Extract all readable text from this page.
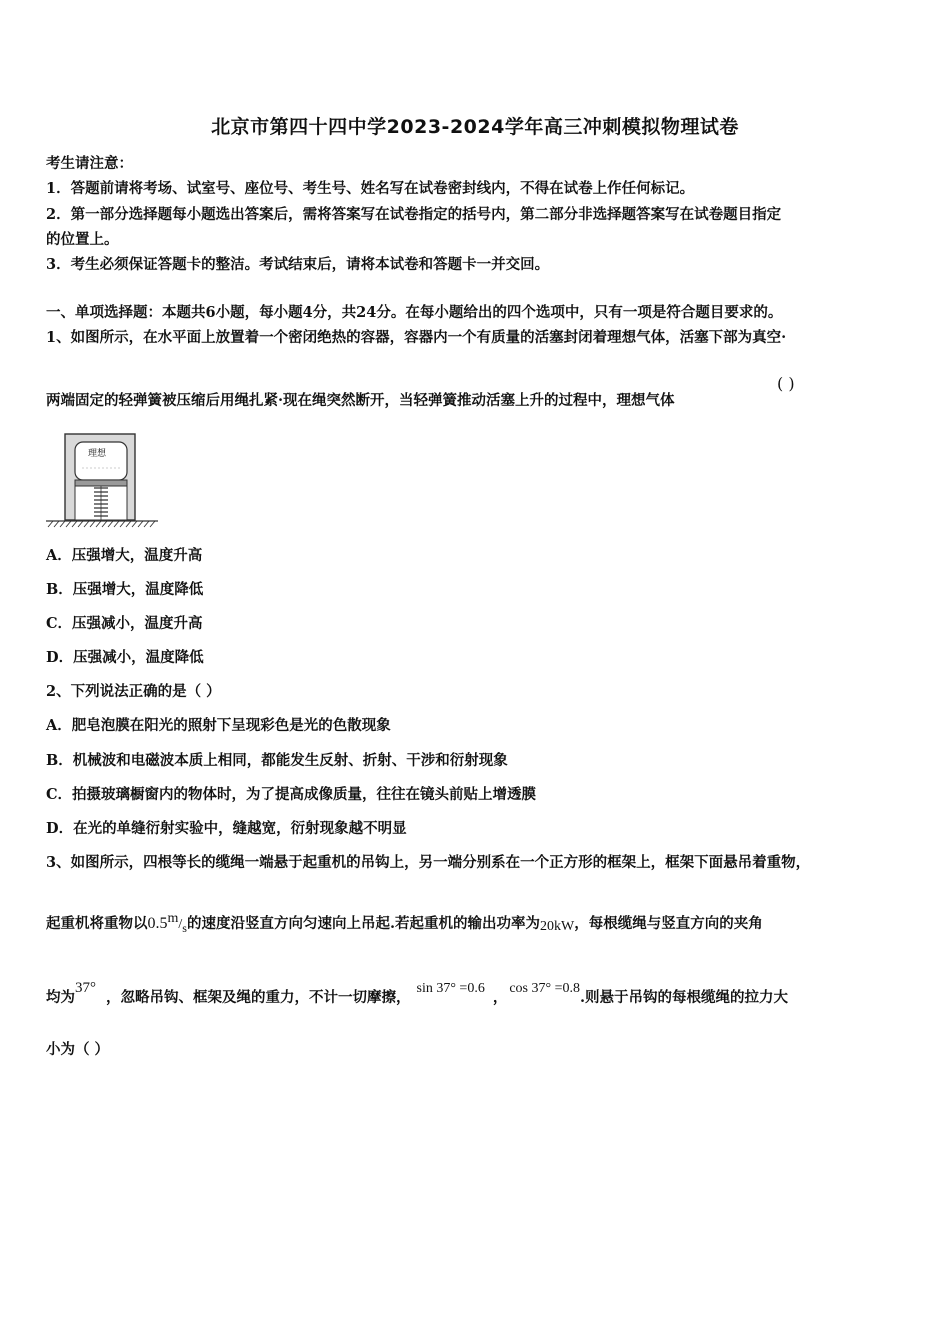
北京市第四十四中学2023-2024学年高三冲刺模拟物理试卷
考生请注意：
1．答题前请将考场、试室号、座位号、考生号、姓名写在试卷密封线内，不得在试卷上作任何标记。
2．第一部分选择题每小题选出答案后，需将答案写在试卷指定的括号内，第二部分非选择题答案写在试卷题目指定
的位置上。
3．考生必须保证答题卡的整洁。考试结束后，请将本试卷和答题卡一并交回。
一、单项选择题：本题共6小题，每小题4分，共24分。在每小题给出的四个选项中，只有一项是符合题目要求的。
1、如图所示，在水平面上放置着一个密闭绝热的容器，容器内一个有质量的活塞封闭着理想气体，活塞下部为真空·
两端固定的轻弹簧被压缩后用绳扎紧·现在绳突然断开，当轻弹簧推动活塞上升的过程中，理想气体
( )
理想
A．压强增大，温度升高
B．压强增大，温度降低
C．压强减小，温度升高
D．压强减小，温度降低
2、下列说法正确的是（ ）
A．肥皂泡膜在阳光的照射下呈现彩色是光的色散现象
B．机械波和电磁波本质上相同，都能发生反射、折射、干涉和衍射现象
C．拍摄玻璃橱窗内的物体时，为了提高成像质量，往往在镜头前贴上增透膜
D．在光的单缝衍射实验中，缝越宽，衍射现象越不明显
3、如图所示，四根等长的缆绳一端悬于起重机的吊钩上，另一端分别系在一个正方形的框架上，框架下面悬吊着重物，
起重机将重物以$0.5m/_s$的速度沿竖直方向匀速向上吊起.若起重机的输出功率为20kW，每根缆绳与竖直方向的夹角
均为37°，忽略吊钩、框架及绳的重力，不计一切摩擦，sin 37° =0.6，cos 37° =0.8.则悬于吊钩的每根缆绳的拉力大
小为（ ）
